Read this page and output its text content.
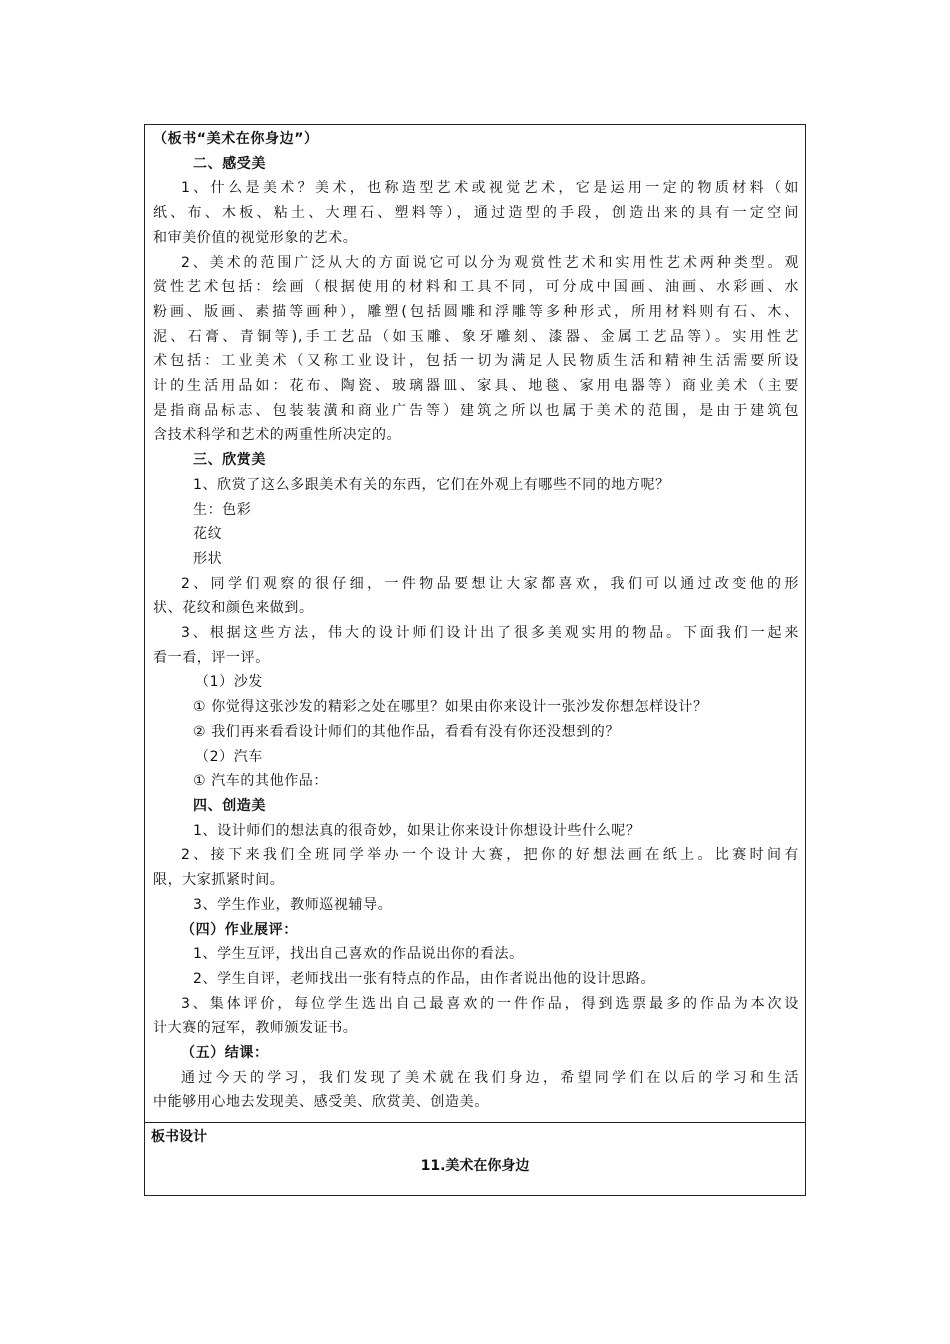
（板书“美术在你身边”）
二、感受美
1、什么是美术？美术，也称造型艺术或视觉艺术，它是运用一定的物质材料（如
纸、布、木板、粘土、大理石、塑料等），通过造型的手段，创造出来的具有一定空间
和审美价值的视觉形象的艺术。
2、美术的范围广泛从大的方面说它可以分为观赏性艺术和实用性艺术两种类型。观
赏性艺术包括：绘画（根据使用的材料和工具不同，可分成中国画、油画、水彩画、水
粉画、版画、素描等画种），雕塑(包括圆雕和浮雕等多种形式，所用材料则有石、木、
泥、石膏、青铜等),手工艺品（如玉雕、象牙雕刻、漆器、金属工艺品等）。实用性艺
术包括：工业美术（又称工业设计，包括一切为满足人民物质生活和精神生活需要所设
计的生活用品如：花布、陶瓷、玻璃器皿、家具、地毯、家用电器等）商业美术（主要
是指商品标志、包装装潢和商业广告等）建筑之所以也属于美术的范围，是由于建筑包
含技术科学和艺术的两重性所决定的。
三、欣赏美
1、欣赏了这么多跟美术有关的东西，它们在外观上有哪些不同的地方呢？
生：色彩
花纹
形状
2、同学们观察的很仔细，一件物品要想让大家都喜欢，我们可以通过改变他的形
状、花纹和颜色来做到。
3、根据这些方法，伟大的设计师们设计出了很多美观实用的物品。下面我们一起来
看一看，评一评。
（1）沙发
① 你觉得这张沙发的精彩之处在哪里？如果由你来设计一张沙发你想怎样设计？
② 我们再来看看设计师们的其他作品，看看有没有你还没想到的？
（2）汽车
① 汽车的其他作品：
四、创造美
1、设计师们的想法真的很奇妙，如果让你来设计你想设计些什么呢？
2、接下来我们全班同学举办一个设计大赛，把你的好想法画在纸上。比赛时间有
限，大家抓紧时间。
3、学生作业，教师巡视辅导。
（四）作业展评：
1、学生互评，找出自己喜欢的作品说出你的看法。
2、学生自评，老师找出一张有特点的作品，由作者说出他的设计思路。
3、集体评价，每位学生选出自己最喜欢的一件作品，得到选票最多的作品为本次设
计大赛的冠军，教师颁发证书。
（五）结课：
通过今天的学习，我们发现了美术就在我们身边，希望同学们在以后的学习和生活
中能够用心地去发现美、感受美、欣赏美、创造美。
板书设计
11.美术在你身边
